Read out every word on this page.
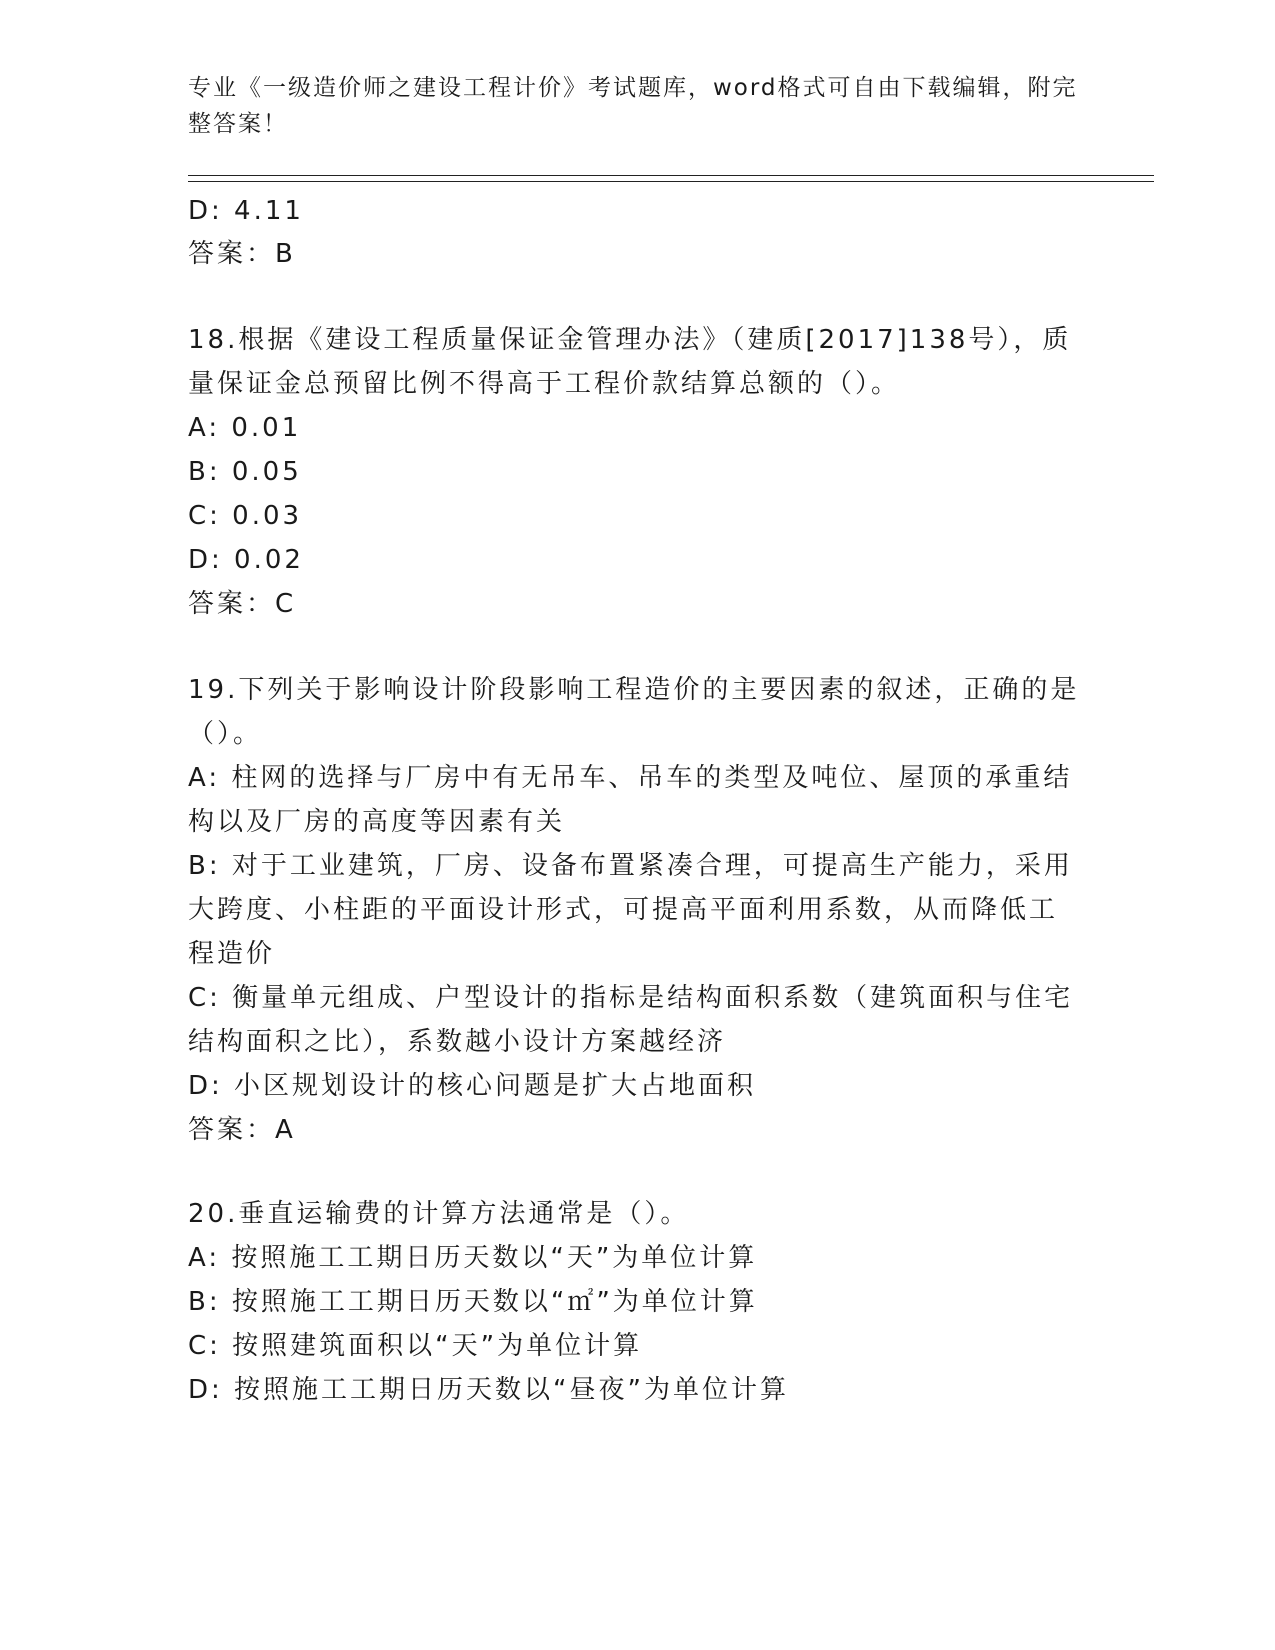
专业《一级造价师之建设工程计价》考试题库，word格式可自由下载编辑，附完
整答案！
D: 4.11
答案：B
18.根据《建设工程质量保证金管理办法》（建质[2017]138号），质
量保证金总预留比例不得高于工程价款结算总额的（）。
A: 0.01
B: 0.05
C: 0.03
D: 0.02
答案：C
19.下列关于影响设计阶段影响工程造价的主要因素的叙述，正确的是
（）。
A: 柱网的选择与厂房中有无吊车、吊车的类型及吨位、屋顶的承重结
构以及厂房的高度等因素有关
B: 对于工业建筑，厂房、设备布置紧凑合理，可提高生产能力，采用
大跨度、小柱距的平面设计形式，可提高平面利用系数，从而降低工
程造价
C: 衡量单元组成、户型设计的指标是结构面积系数（建筑面积与住宅
结构面积之比），系数越小设计方案越经济
D: 小区规划设计的核心问题是扩大占地面积
答案：A
20.垂直运输费的计算方法通常是（）。
A: 按照施工工期日历天数以“天”为单位计算
B: 按照施工工期日历天数以“㎡”为单位计算
C: 按照建筑面积以“天”为单位计算
D: 按照施工工期日历天数以“昼夜”为单位计算
